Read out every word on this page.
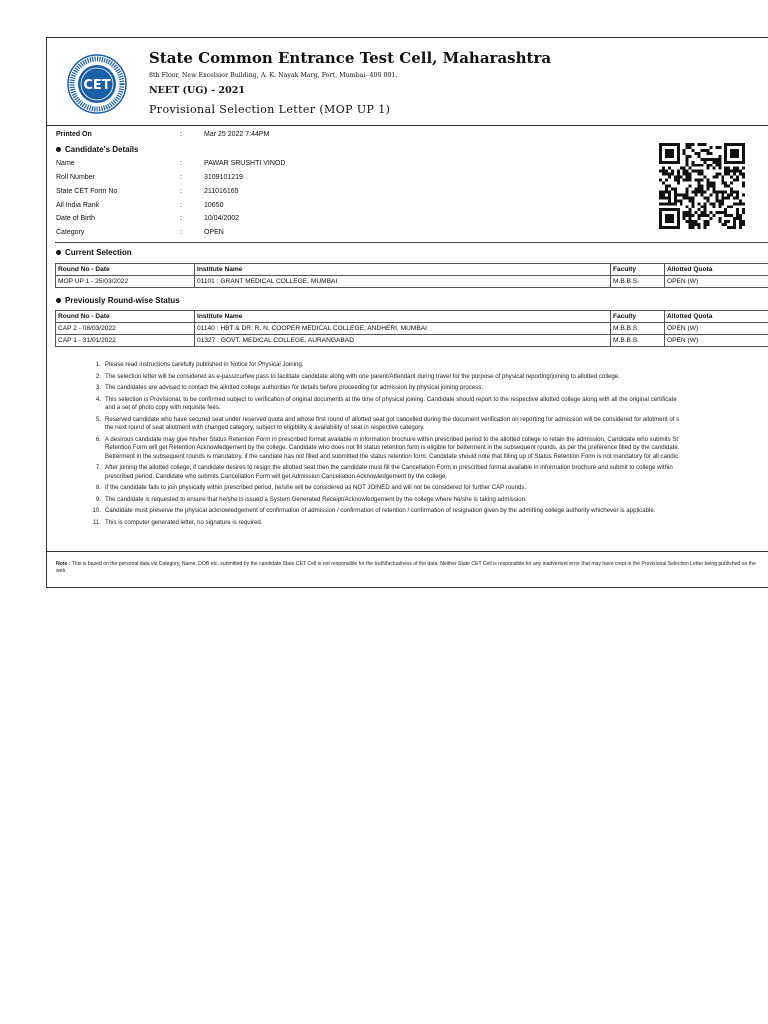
CET
State Common Entrance Test Cell, Maharashtra
8th Floor, New Excelsior Building, A. K. Nayak Marg, Fort, Mumbai- 400 001.
NEET (UG) - 2021
Provisional Selection Letter (MOP UP 1)
Printed On	:	Mar 25 2022 7:44PM
Candidate's Details
Name	:	PAWAR SRUSHTI VINOD
Roll Number	:	3109101219
State CET Form No	:	211016165
All India Rank	:	10650
Date of Birth	:	10/04/2002
Category	:	OPEN
Current Selection
Round No - Date	Institute Name	Faculty	Allotted Quota
MOP UP 1 - 25/03/2022	01101 : GRANT MEDICAL COLLEGE, MUMBAI	M.B.B.S.	OPEN (W)
Previously Round-wise Status
Round No - Date	Institute Name	Faculty	Allotted Quota
CAP 2 - 08/03/2022	01140 : HBT & DR. R. N. COOPER MEDICAL COLLEGE, ANDHERI, MUMBAI	M.B.B.S.	OPEN (W)
CAP 1 - 31/01/2022	01327 : GOVT. MEDICAL COLLEGE, AURANGABAD	M.B.B.S.	OPEN (W)
1. Please read instructions carefully published in Notice for Physical Joining.
2. The selection letter will be considered as e-pass/curfew pass to facilitate candidate along with one parent/Attendant during travel for the purpose of physical reporting/joining to allotted college.
3. The candidates are advised to contact the allotted college authorities for details before proceeding for admission by physical joining process.
4. This selection is Provisional, to be confirmed subject to verification of original documents at the time of physical joining. Candidate should report to the respective allotted college along with all the original certificate
and a set of photo copy with requisite fees.
5. Reserved candidate who have secured seat under reserved quota and whose first round of allotted seat got cancelled during the document verification on reporting for admission will be considered for allotment of s
the next round of seat allotment with changed category, subject to eligibility & availability of seat in respective category.
6. A desirous candidate may give his/her Status Retention Form in prescribed format available in information brochure within prescribed period to the allotted college to retain the admission. Candidate who submits St
Retention Form will get Retention Acknowledgement by the college. Candidate who does not fill status retention form is eligible for betterment in the subsequent rounds, as per the preference filled by the candidate.
Betterment in the subsequent rounds is mandatory, if the candiate has not filled and submitted the status retention form. Candidate should note that filling up of Status Retention Form is not mandatory for all candic
7. After joining the allotted college, if candidate desires to resign the allotted seat then the candidate must fill the Cancellation Form in prescribed format available in information brochure and submit to college within
prescribed period. Candidate who submits Cancellation Form will get Admission Cancellation Acknowledgement by the college.
8. If the candidate fails to join physically within prescribed period, he/she will be considered as NOT JOINED and will not be considered for further CAP rounds.
9. The candidate is requested to ensure that he/she is issued a System Generated Receipt/Acknowledgement by the college where he/she is taking admission.
10. Candidate must preserve the physical acknowledgement of confirmation of admission / confirmation of retention / confirmation of resignation given by the admitting college authority whichever is applicable.
11. This is computer generated letter, no signature is required.
Note : This is based on the personal data viz.Category, Name, DOB etc. submitted by the candidate.State CET Cell is not responsible for the truth/factualness of the data. Neither State CET Cell is responsible for any inadvertent error that may have crept in the Provisional Selection Letter being published on the web.
